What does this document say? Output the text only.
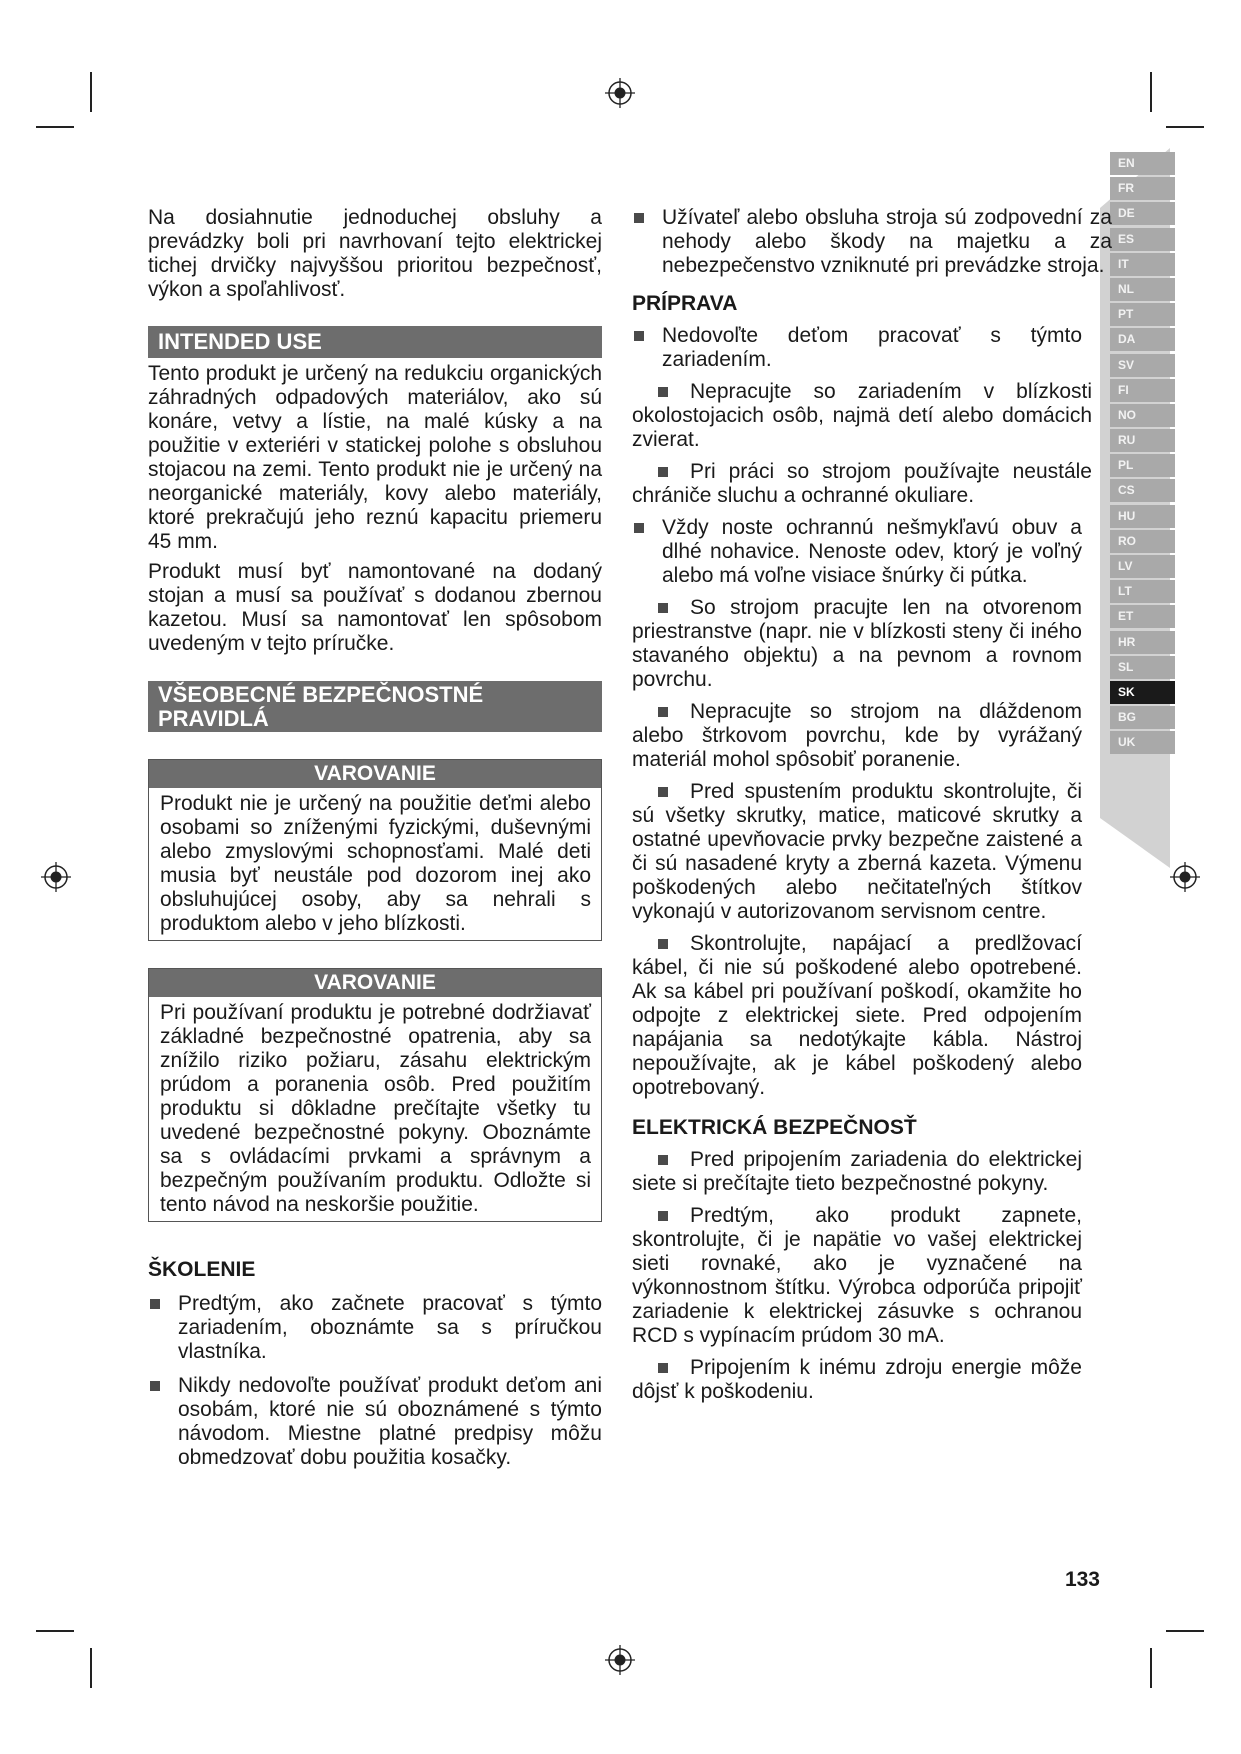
EN
FR
DE
ES
IT
NL
PT
DA
SV
FI
NO
RU
PL
CS
HU
RO
LV
LT
ET
HR
SL
SK
BG
UK

Na dosiahnutie jednoduchej obsluhy a prevádzky boli pri navrhovaní tejto elektrickej tichej drvičky najvyššou prioritou bezpečnosť, výkon a spoľahlivosť.

INTENDED USE

Tento produkt je určený na redukciu organických záhradných odpadových materiálov, ako sú konáre, vetvy a lístie, na malé kúsky a na použitie v exteriéri v statickej polohe s obsluhou stojacou na zemi. Tento produkt nie je určený na neorganické materiály, kovy alebo materiály, ktoré prekračujú jeho reznú kapacitu priemeru 45 mm.

Produkt musí byť namontované na dodaný stojan a musí sa používať s dodanou zbernou kazetou. Musí sa namontovať len spôsobom uvedeným v tejto príručke.

VŠEOBECNÉ BEZPEČNOSTNÉ
PRAVIDLÁ
VAROVANIE

Produkt nie je určený na použitie deťmi alebo osobami so zníženými fyzickými, duševnými alebo zmyslovými schopnosťami. Malé deti musia byť neustále pod dozorom inej ako obsluhujúcej osoby, aby sa nehrali s produktom alebo v jeho blízkosti.

VAROVANIE

Pri používaní produktu je potrebné dodržiavať základné bezpečnostné opatrenia, aby sa znížilo riziko požiaru, zásahu elektrickým prúdom a poranenia osôb. Pred použitím produktu si dôkladne prečítajte všetky tu uvedené bezpečnostné pokyny. Oboznámte sa s ovládacími prvkami a správnym a bezpečným používaním produktu. Odložte si tento návod na neskoršie použitie.

ŠKOLENIE

Predtým, ako začnete pracovať s týmto zariadením, oboznámte sa s príručkou vlastníka.

Nikdy nedovoľte používať produkt deťom ani osobám, ktoré nie sú oboznámené s týmto návodom. Miestne platné predpisy môžu obmedzovať dobu použitia kosačky.

Užívateľ alebo obsluha stroja sú zodpovední za nehody alebo škody na majetku a za nebezpečenstvo vzniknuté pri prevádzke stroja.

PRÍPRAVA

Nedovoľte deťom pracovať s týmto zariadením.

Nepracujte so zariadením v blízkosti okolostojacich osôb, najmä detí alebo domácich zvierat.

Pri práci so strojom používajte neustále chrániče sluchu a ochranné okuliare.

Vždy noste ochrannú nešmykľavú obuv a dlhé nohavice. Nenoste odev, ktorý je voľný alebo má voľne visiace šnúrky či pútka.

So strojom pracujte len na otvorenom priestranstve (napr. nie v blízkosti steny či iného stavaného objektu) a na pevnom a rovnom povrchu.

Nepracujte so strojom na dláždenom alebo štrkovom povrchu, kde by vyrážaný materiál mohol spôsobiť poranenie.

Pred spustením produktu skontrolujte, či sú všetky skrutky, matice, maticové skrutky a ostatné upevňovacie prvky bezpečne zaistené a či sú nasadené kryty a zberná kazeta. Výmenu poškodených alebo nečitateľných štítkov vykonajú v autorizovanom servisnom centre.

Skontrolujte, napájací a predlžovací kábel, či nie sú poškodené alebo opotrebené. Ak sa kábel pri používaní poškodí, okamžite ho odpojte z elektrickej siete. Pred odpojením napájania sa nedotýkajte kábla. Nástroj nepoužívajte, ak je kábel poškodený alebo opotrebovaný.

ELEKTRICKÁ BEZPEČNOSŤ

Pred pripojením zariadenia do elektrickej siete si prečítajte tieto bezpečnostné pokyny.

Predtým, ako produkt zapnete, skontrolujte, či je napätie vo vašej elektrickej sieti rovnaké, ako je vyznačené na výkonnostnom štítku. Výrobca odporúča pripojiť zariadenie k elektrickej zásuvke s ochranou RCD s vypínacím prúdom 30 mA.

Pripojením k inému zdroju energie môže dôjsť k poškodeniu.

133
